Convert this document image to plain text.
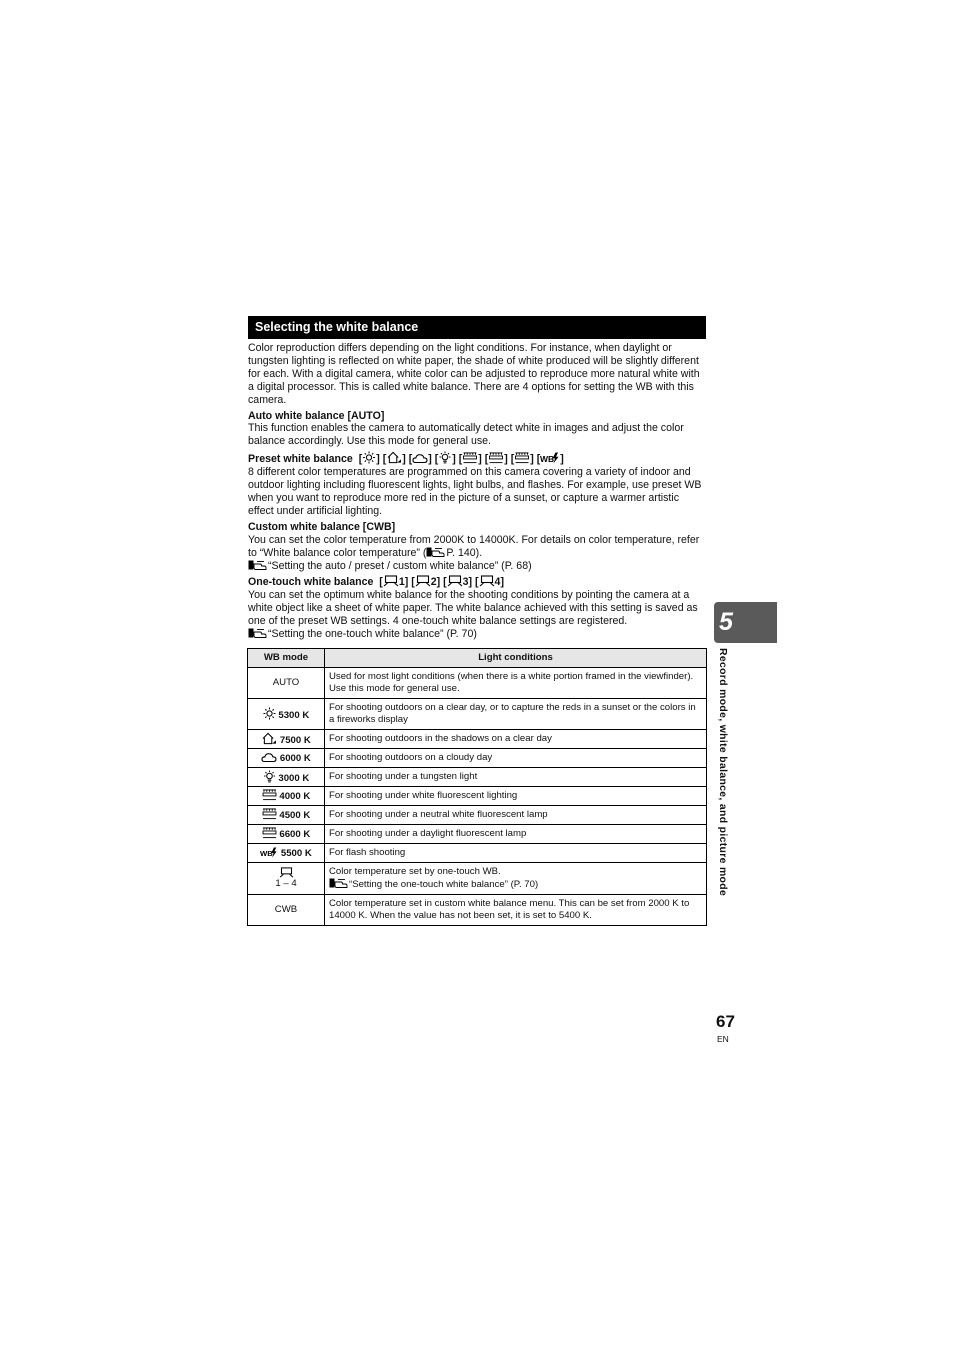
Selecting the white balance

Color reproduction differs depending on the light conditions. For instance, when daylight or tungsten lighting is reflected on white paper, the shade of white produced will be slightly different for each. With a digital camera, white color can be adjusted to reproduce more natural white with a digital processor. This is called white balance. There are 4 options for setting the WB with this camera.

Auto white balance [AUTO]

This function enables the camera to automatically detect white in images and adjust the color balance accordingly. Use this mode for general use.

Preset white balance  [ ] [ ] [ ] [ ] [ ] [ ] [ ] [ ]

8 different color temperatures are programmed on this camera covering a variety of indoor and outdoor lighting including fluorescent lights, light bulbs, and flashes. For example, use preset WB when you want to reproduce more red in the picture of a sunset, or capture a warmer artistic effect under artificial lighting.

Custom white balance [CWB]

You can set the color temperature from 2000K to 14000K. For details on color temperature, refer to “White balance color temperature” ( P. 140).

“Setting the auto / preset / custom white balance” (P. 68)

One-touch white balance  [ 1] [ 2] [ 3] [ 4]

You can set the optimum white balance for the shooting conditions by pointing the camera at a white object like a sheet of white paper. The white balance achieved with this setting is saved as one of the preset WB settings. 4 one-touch white balance settings are registered.

“Setting the one-touch white balance” (P. 70)

WB mode	Light conditions
AUTO	Used for most light conditions (when there is a white portion framed in the viewfinder). Use this mode for general use.
5300 K	For shooting outdoors on a clear day, or to capture the reds in a sunset or the colors in a fireworks display
7500 K	For shooting outdoors in the shadows on a clear day
6000 K	For shooting outdoors on a cloudy day
3000 K	For shooting under a tungsten light
4000 K	For shooting under white fluorescent lighting
4500 K	For shooting under a neutral white fluorescent lamp
6600 K	For shooting under a daylight fluorescent lamp
5500 K	For flash shooting

1 – 4	Color temperature set by one-touch WB.
“Setting the one-touch white balance” (P. 70)
CWB	Color temperature set in custom white balance menu. This can be set from 2000 K to 14000 K. When the value has not been set, it is set to 5400 K.
5
Record mode, white balance, and picture mode
67
EN
